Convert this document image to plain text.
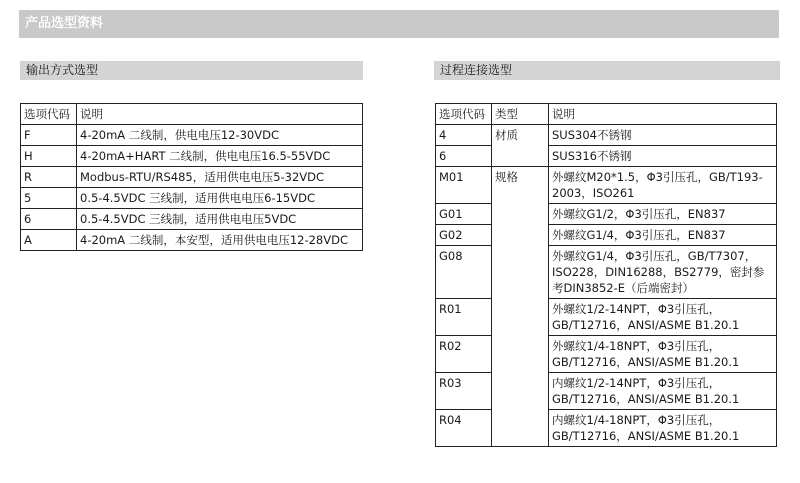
产品选型资料
输出方式选型	过程连接选型
选项代码	说明
F	4-20mA 二线制，供电电压12-30VDC
H	4-20mA+HART 二线制，供电电压16.5-55VDC
R	Modbus-RTU/RS485，适用供电电压5-32VDC
5	0.5-4.5VDC 三线制，适用供电电压6-15VDC
6	0.5-4.5VDC 三线制，适用供电电压5VDC
A	4-20mA 二线制，本安型，适用供电电压12-28VDC
选项代码	类型	说明
4	材质	SUS304不锈钢
6		SUS316不锈钢
M01	规格	外螺纹M20*1.5，Φ3引压孔，GB/T193-2003，ISO261
G01		外螺纹G1/2，Φ3引压孔，EN837
G02		外螺纹G1/4，Φ3引压孔，EN837
G08		外螺纹G1/4，Φ3引压孔，GB/T7307，ISO228，DIN16288，BS2779，密封参考DIN3852-E（后端密封）
R01		外螺纹1/2-14NPT，Φ3引压孔，GB/T12716，ANSI/ASME B1.20.1
R02		外螺纹1/4-18NPT，Φ3引压孔，GB/T12716，ANSI/ASME B1.20.1
R03		内螺纹1/2-14NPT，Φ3引压孔，GB/T12716，ANSI/ASME B1.20.1
R04		内螺纹1/4-18NPT，Φ3引压孔，GB/T12716，ANSI/ASME B1.20.1
